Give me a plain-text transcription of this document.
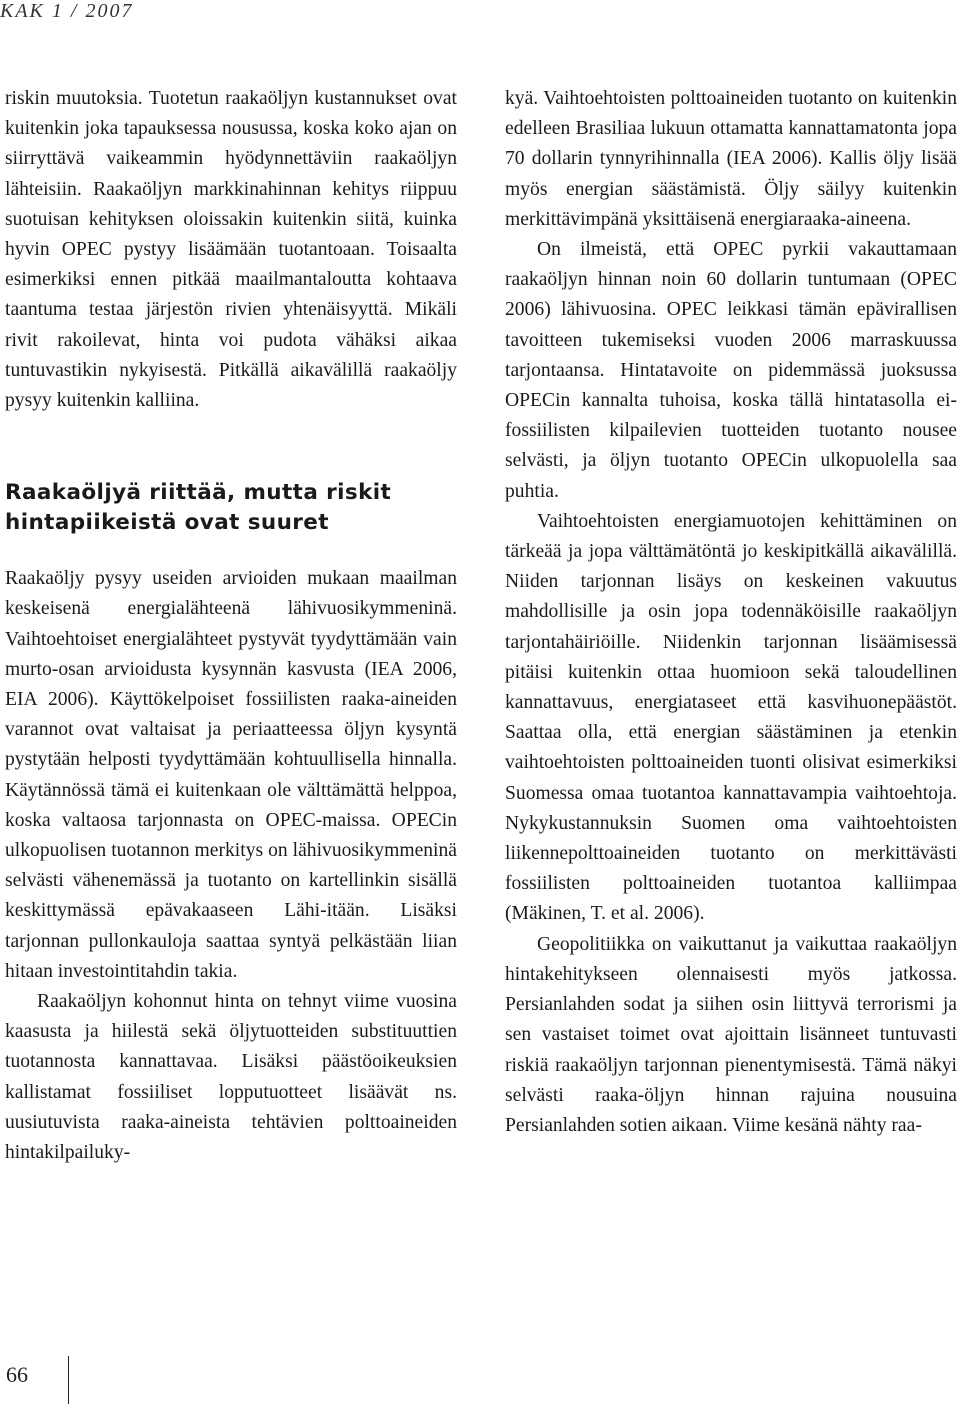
KAK 1 / 2007

riskin muutoksia. Tuotetun raakaöljyn kustannukset ovat kuitenkin joka tapauksessa nousussa, koska koko ajan on siirryttävä vaikeammin hyödynnettäviin raakaöljyn lähteisiin. Raakaöljyn markkinahinnan kehitys riippuu suotuisan kehityksen oloissakin kuitenkin siitä, kuinka hyvin OPEC pystyy lisäämään tuotantoaan. Toisaalta esimerkiksi ennen pitkää maailmantaloutta kohtaava taantuma testaa järjestön rivien yhtenäisyyttä. Mikäli rivit rakoilevat, hinta voi pudota vähäksi aikaa tuntuvastikin nykyisestä. Pitkällä aikavälillä raakaöljy pysyy kuitenkin kalliina.

Raakaöljyä riittää, mutta riskit hintapiikeistä ovat suuret

Raakaöljy pysyy useiden arvioiden mukaan maailman keskeisenä energialähteenä lähivuosikymmeninä. Vaihtoehtoiset energialähteet pystyvät tyydyttämään vain murto-osan arvioidusta kysynnän kasvusta (IEA 2006, EIA 2006). Käyttökelpoiset fossiilisten raaka-aineiden varannot ovat valtaisat ja periaatteessa öljyn kysyntä pystytään helposti tyydyttämään kohtuullisella hinnalla. Käytännössä tämä ei kuitenkaan ole välttämättä helppoa, koska valtaosa tarjonnasta on OPEC-maissa. OPECin ulkopuolisen tuotannon merkitys on lähivuosikymmeninä selvästi vähenemässä ja tuotanto on kartellinkin sisällä keskittymässä epävakaaseen Lähi-itään. Lisäksi tarjonnan pullonkauloja saattaa syntyä pelkästään liian hitaan investointitahdin takia.

Raakaöljyn kohonnut hinta on tehnyt viime vuosina kaasusta ja hiilestä sekä öljytuotteiden substituuttien tuotannosta kannattavaa. Lisäksi päästöoikeuksien kallistamat fossiiliset lopputuotteet lisäävät ns. uusiutuvista raaka-aineista tehtävien polttoaineiden hintakilpailuky-

kyä. Vaihtoehtoisten polttoaineiden tuotanto on kuitenkin edelleen Brasiliaa lukuun ottamatta kannattamatonta jopa 70 dollarin tynnyrihinnalla (IEA 2006). Kallis öljy lisää myös energian säästämistä. Öljy säilyy kuitenkin merkittävimpänä yksittäisenä energiaraaka-aineena.

On ilmeistä, että OPEC pyrkii vakauttamaan raakaöljyn hinnan noin 60 dollarin tuntumaan (OPEC 2006) lähivuosina. OPEC leikkasi tämän epävirallisen tavoitteen tukemiseksi vuoden 2006 marraskuussa tarjontaansa. Hintatavoite on pidemmässä juoksussa OPECin kannalta tuhoisa, koska tällä hintatasolla ei-fossiilisten kilpailevien tuotteiden tuotanto nousee selvästi, ja öljyn tuotanto OPECin ulkopuolella saa puhtia.

Vaihtoehtoisten energiamuotojen kehittäminen on tärkeää ja jopa välttämätöntä jo keskipitkällä aikavälillä. Niiden tarjonnan lisäys on keskeinen vakuutus mahdollisille ja osin jopa todennäköisille raakaöljyn tarjontahäiriöille. Niidenkin tarjonnan lisäämisessä pitäisi kuitenkin ottaa huomioon sekä taloudellinen kannattavuus, energiataseet että kasvihuonepäästöt. Saattaa olla, että energian säästäminen ja etenkin vaihtoehtoisten polttoaineiden tuonti olisivat esimerkiksi Suomessa omaa tuotantoa kannattavampia vaihtoehtoja. Nykykustannuksin Suomen oma vaihtoehtoisten liikennepolttoaineiden tuotanto on merkittävästi fossiilisten polttoaineiden tuotantoa kalliimpaa (Mäkinen, T. et al. 2006).

Geopolitiikka on vaikuttanut ja vaikuttaa raakaöljyn hintakehitykseen olennaisesti myös jatkossa. Persianlahden sodat ja siihen osin liittyvä terrorismi ja sen vastaiset toimet ovat ajoittain lisänneet tuntuvasti riskiä raakaöljyn tarjonnan pienentymisestä. Tämä näkyi selvästi raaka-öljyn hinnan rajuina nousuina Persianlahden sotien aikaan. Viime kesänä nähty raa-

66
